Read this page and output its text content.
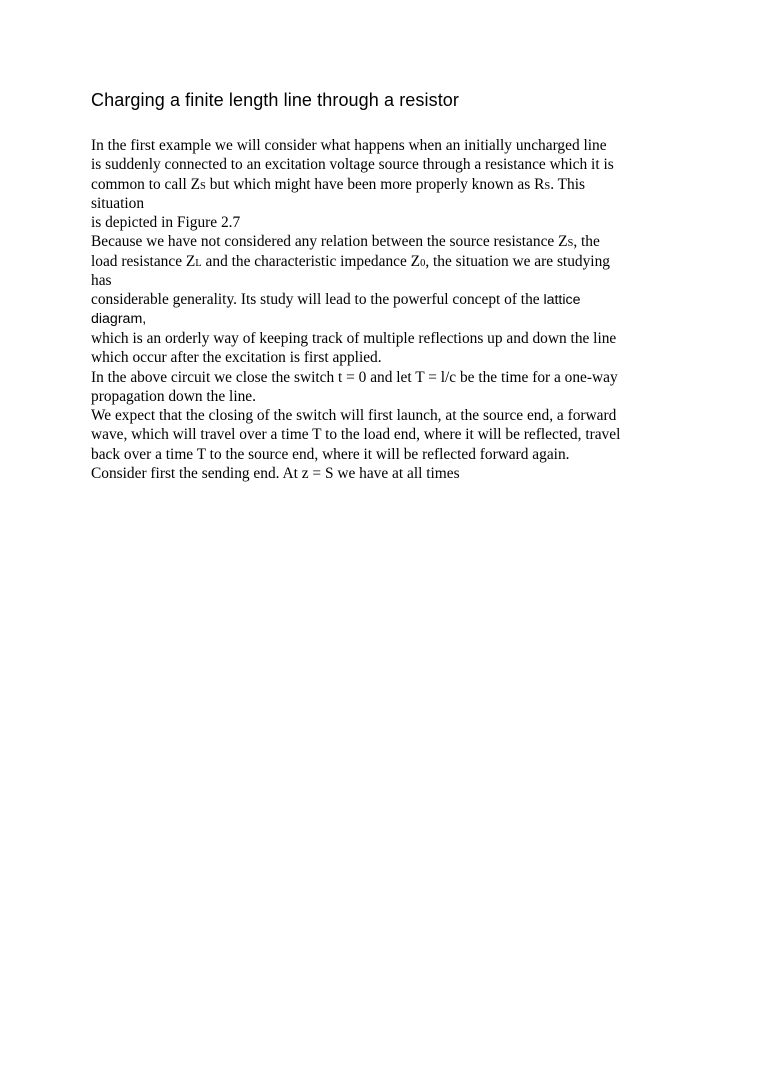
Charging a finite length line through a resistor
In the first example we will consider what happens when an initially uncharged line
is suddenly connected to an excitation voltage source through a resistance which it is
common to call ZS but which might have been more properly known as RS. This
situation
is depicted in Figure 2.7
Because we have not considered any relation between the source resistance ZS, the
load resistance ZL and the characteristic impedance Z0, the situation we are studying
has
considerable generality. Its study will lead to the powerful concept of the lattice
diagram,
which is an orderly way of keeping track of multiple reflections up and down the line
which occur after the excitation is first applied.
In the above circuit we close the switch t = 0 and let T = l/c be the time for a one-way
propagation down the line.
We expect that the closing of the switch will first launch, at the source end, a forward
wave, which will travel over a time T to the load end, where it will be reflected, travel
back over a time T to the source end, where it will be reflected forward again.
Consider first the sending end. At z = S we have at all times
